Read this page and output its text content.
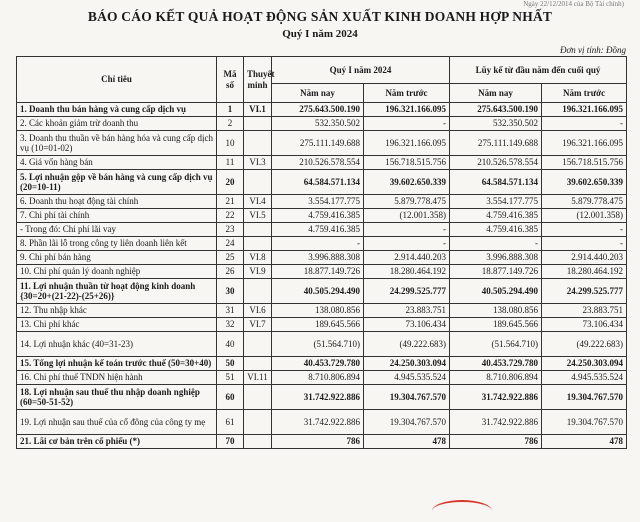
Ngày 22/12/2014 của Bộ Tài chính)
BÁO CÁO KẾT QUẢ HOẠT ĐỘNG SẢN XUẤT KINH DOANH HỢP NHẤT
Quý I năm 2024
Đơn vị tính: Đồng
Chỉ tiêu	Mã số	Thuyết minh	Quý I năm 2024		Lũy kế từ đầu năm đến cuối quý	
			Năm nay	Năm trước	Năm nay	Năm trước
1. Doanh thu bán hàng và cung cấp dịch vụ	1	VI.1	275.643.500.190	196.321.166.095	275.643.500.190	196.321.166.095
2. Các khoản giảm trừ doanh thu	2		532.350.502	-	532.350.502	-
3. Doanh thu thuần về bán hàng hóa và cung cấp dịch vụ (10=01-02)	10		275.111.149.688	196.321.166.095	275.111.149.688	196.321.166.095
4. Giá vốn hàng bán	11	VI.3	210.526.578.554	156.718.515.756	210.526.578.554	156.718.515.756
5. Lợi nhuận gộp về bán hàng và cung cấp dịch vụ (20=10-11)	20		64.584.571.134	39.602.650.339	64.584.571.134	39.602.650.339
6. Doanh thu hoạt động tài chính	21	VI.4	3.554.177.775	5.879.778.475	3.554.177.775	5.879.778.475
7. Chi phí tài chính	22	VI.5	4.759.416.385	(12.001.358)	4.759.416.385	(12.001.358)
- Trong đó: Chi phí lãi vay	23		4.759.416.385	-	4.759.416.385	-
8. Phần lãi lỗ trong công ty liên doanh liên kết	24		-	-	-	-
9. Chi phí bán hàng	25	VI.8	3.996.888.308	2.914.440.203	3.996.888.308	2.914.440.203
10. Chi phí quản lý doanh nghiệp	26	VI.9	18.877.149.726	18.280.464.192	18.877.149.726	18.280.464.192
11. Lợi nhuận thuần từ hoạt động kinh doanh {30=20+(21-22)-(25+26)}	30		40.505.294.490	24.299.525.777	40.505.294.490	24.299.525.777
12. Thu nhập khác	31	VI.6	138.080.856	23.883.751	138.080.856	23.883.751
13. Chi phí khác	32	VI.7	189.645.566	73.106.434	189.645.566	73.106.434
14. Lợi nhuận khác (40=31-23)	40		(51.564.710)	(49.222.683)	(51.564.710)	(49.222.683)
15. Tổng lợi nhuận kế toán trước thuế (50=30+40)	50		40.453.729.780	24.250.303.094	40.453.729.780	24.250.303.094
16. Chi phí thuế TNDN hiện hành	51	VI.11	8.710.806.894	4.945.535.524	8.710.806.894	4.945.535.524
18. Lợi nhuận sau thuế thu nhập doanh nghiệp (60=50-51-52)	60		31.742.922.886	19.304.767.570	31.742.922.886	19.304.767.570
19. Lợi nhuận sau thuế của cổ đông của công ty mẹ	61		31.742.922.886	19.304.767.570	31.742.922.886	19.304.767.570
21. Lãi cơ bản trên cổ phiếu (*)	70		786	478	786	478
